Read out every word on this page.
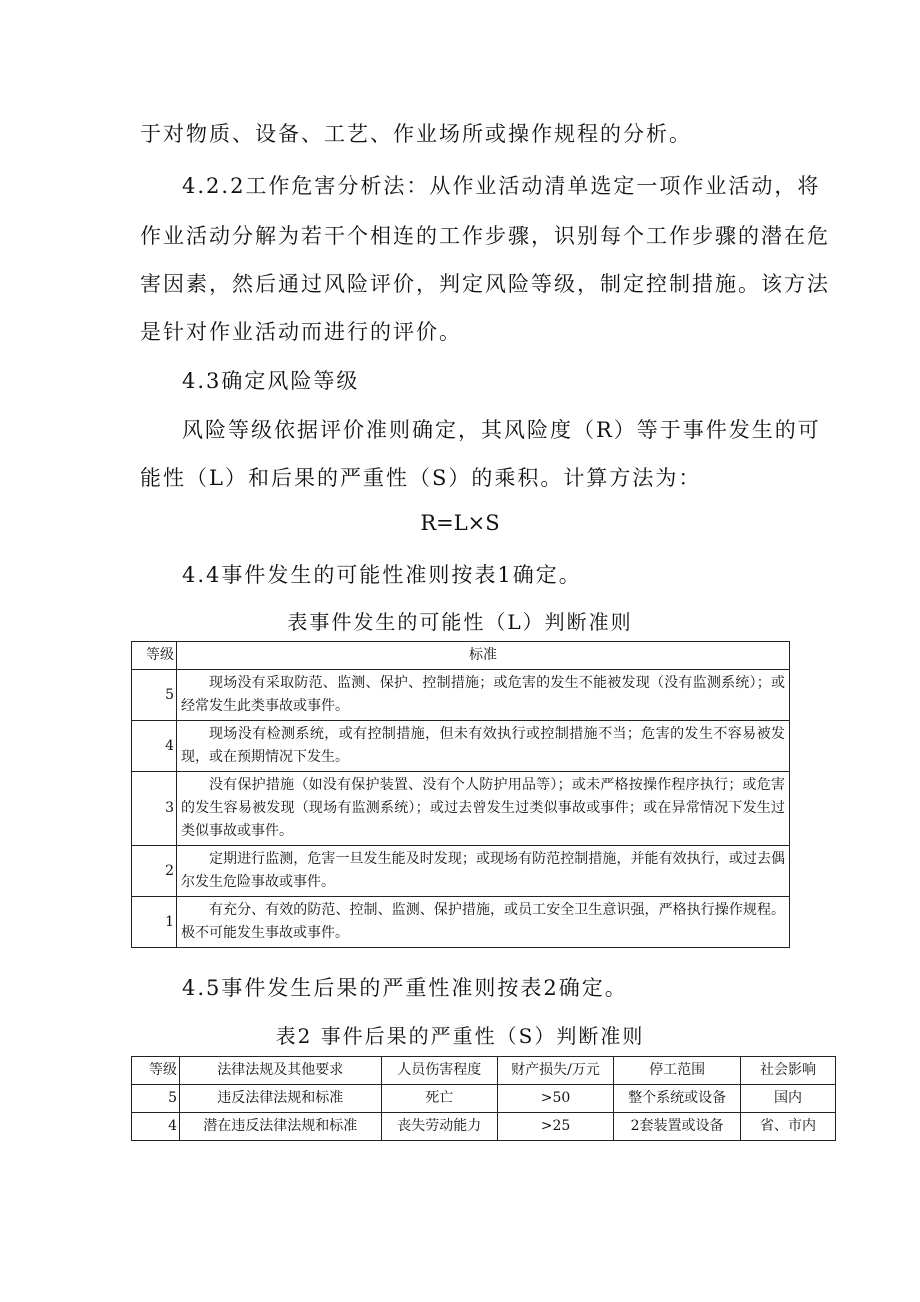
于对物质、设备、工艺、作业场所或操作规程的分析。
4.2.2工作危害分析法：从作业活动清单选定一项作业活动，将
作业活动分解为若干个相连的工作步骤，识别每个工作步骤的潜在危
害因素，然后通过风险评价，判定风险等级，制定控制措施。该方法
是针对作业活动而进行的评价。
4.3确定风险等级
风险等级依据评价准则确定，其风险度（R）等于事件发生的可
能性（L）和后果的严重性（S）的乘积。计算方法为：
R=L×S
4.4事件发生的可能性准则按表1确定。
表事件发生的可能性（L）判断准则
等级	标准
5	现场没有采取防范、监测、保护、控制措施；或危害的发生不能被发现（没有监测系统）；或经常发生此类事故或事件。
4	现场没有检测系统，或有控制措施，但未有效执行或控制措施不当；危害的发生不容易被发现，或在预期情况下发生。
3	没有保护措施（如没有保护装置、没有个人防护用品等）；或未严格按操作程序执行；或危害的发生容易被发现（现场有监测系统）；或过去曾发生过类似事故或事件；或在异常情况下发生过类似事故或事件。
2	定期进行监测，危害一旦发生能及时发现；或现场有防范控制措施，并能有效执行，或过去偶尔发生危险事故或事件。
1	有充分、有效的防范、控制、监测、保护措施，或员工安全卫生意识强，严格执行操作规程。极不可能发生事故或事件。
4.5事件发生后果的严重性准则按表2确定。
表2 事件后果的严重性（S）判断准则
等级	法律法规及其他要求	人员伤害程度	财产损失/万元	停工范围	社会影响
5	违反法律法规和标准	死亡	>50	整个系统或设备	国内
4	潜在违反法律法规和标准	丧失劳动能力	>25	2套装置或设备	省、市内
